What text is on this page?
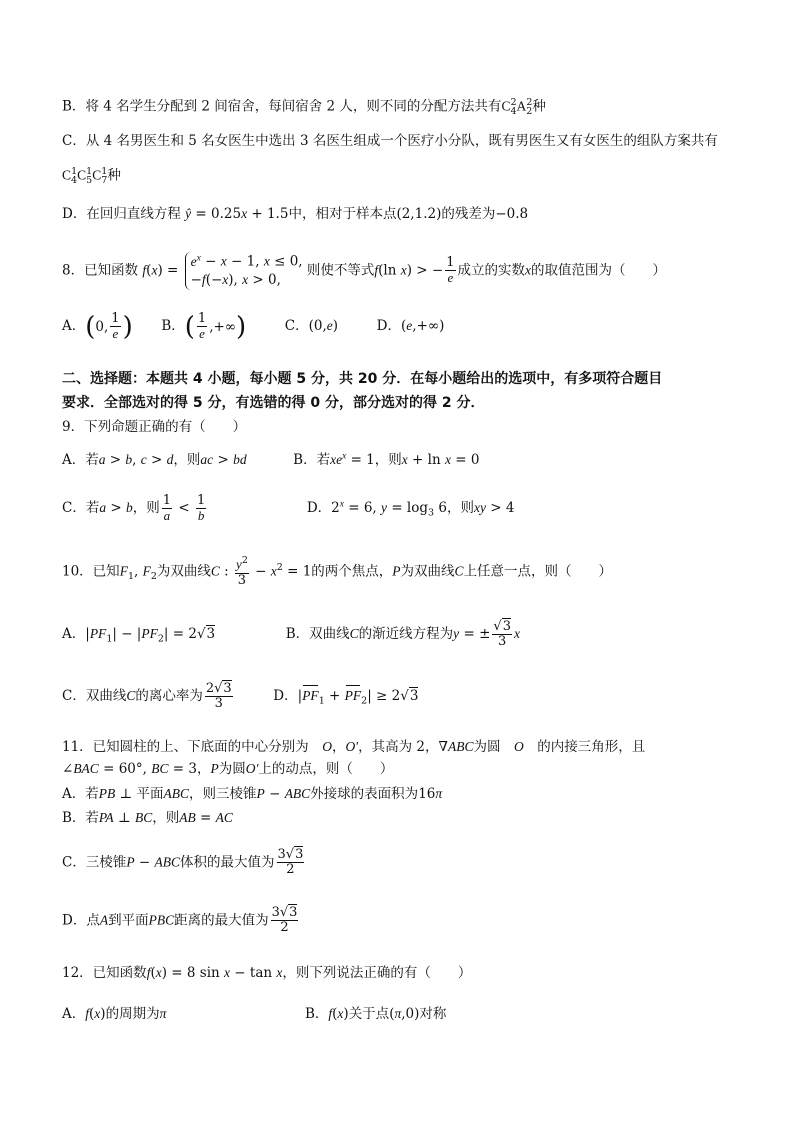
B．将 4 名学生分配到 2 间宿舍，每间宿舍 2 人，则不同的分配方法共有$C_4^2A_2^2$种
C．从 4 名男医生和 5 名女医生中选出 3 名医生组成一个医疗小分队，既有男医生又有女医生的组队方案共有
$C_4^1C_5^1C_7^1$种
D．在回归直线方程 ŷ = 0.25x + 1.5中，相对于样本点(2,1.2)的残差为−0.8
8．已知函数 f(x) =
$e^x - x - 1$, x ≤ 0,
−f(−x), x > 0,
则使不等式f(ln x) > − $\frac{1}{e}$ 成立的实数x的取值范围为（　　）
A． ( 0, $\frac{1}{e}$ ) B． ( $\frac{1}{e}$ ,+∞ )	C．(0,e)	D．(e,+∞)
二、选择题：本题共 4 小题，每小题 5 分，共 20 分．在每小题给出的选项中，有多项符合题目
要求．全部选对的得 5 分，有选错的得 0 分，部分选对的得 2 分．
9．下列命题正确的有（　　）
A．若a > b, c > d，则ac > bd	B．若$xe^x = 1$，则x + ln x = 0
C．若a > b，则 $\frac{1}{a} < \frac{1}{b}$	D．$2^x = 6$, $y = \log_3 6$，则xy > 4
10．已知$F_1$, $F_2$为双曲线C : $\frac{y^2}{3} - x^2 = 1$的两个焦点，P为双曲线C上任意一点，则（　　）
A．$|PF_1| - |PF_2| = 2√3$	B．双曲线C的渐近线方程为y = ± $\frac{√3}{3}$ x
C．双曲线C的离心率为 $\frac{2√3}{3}$	D．$|PF_1 + PF_2| \ge 2√3$
11．已知圆柱的上、下底面的中心分别为　 O，O′，其高为 2，∇ABC为圆　 O　 的内接三角形，且
∠BAC = 60°, BC = 3，P为圆O′上的动点，则（　　）
A．若PB ⊥ 平面ABC，则三棱锥P − ABC外接球的表面积为16π
B．若PA ⊥ BC，则AB = AC
C．三棱锥P − ABC体积的最大值为 $\frac{3√3}{2}$
D．点A到平面PBC距离的最大值为 $\frac{3√3}{2}$
12．已知函数f(x) = 8 sin x − tan x，则下列说法正确的有（　　）
A．f(x)的周期为π	B．f(x)关于点(π,0)对称
